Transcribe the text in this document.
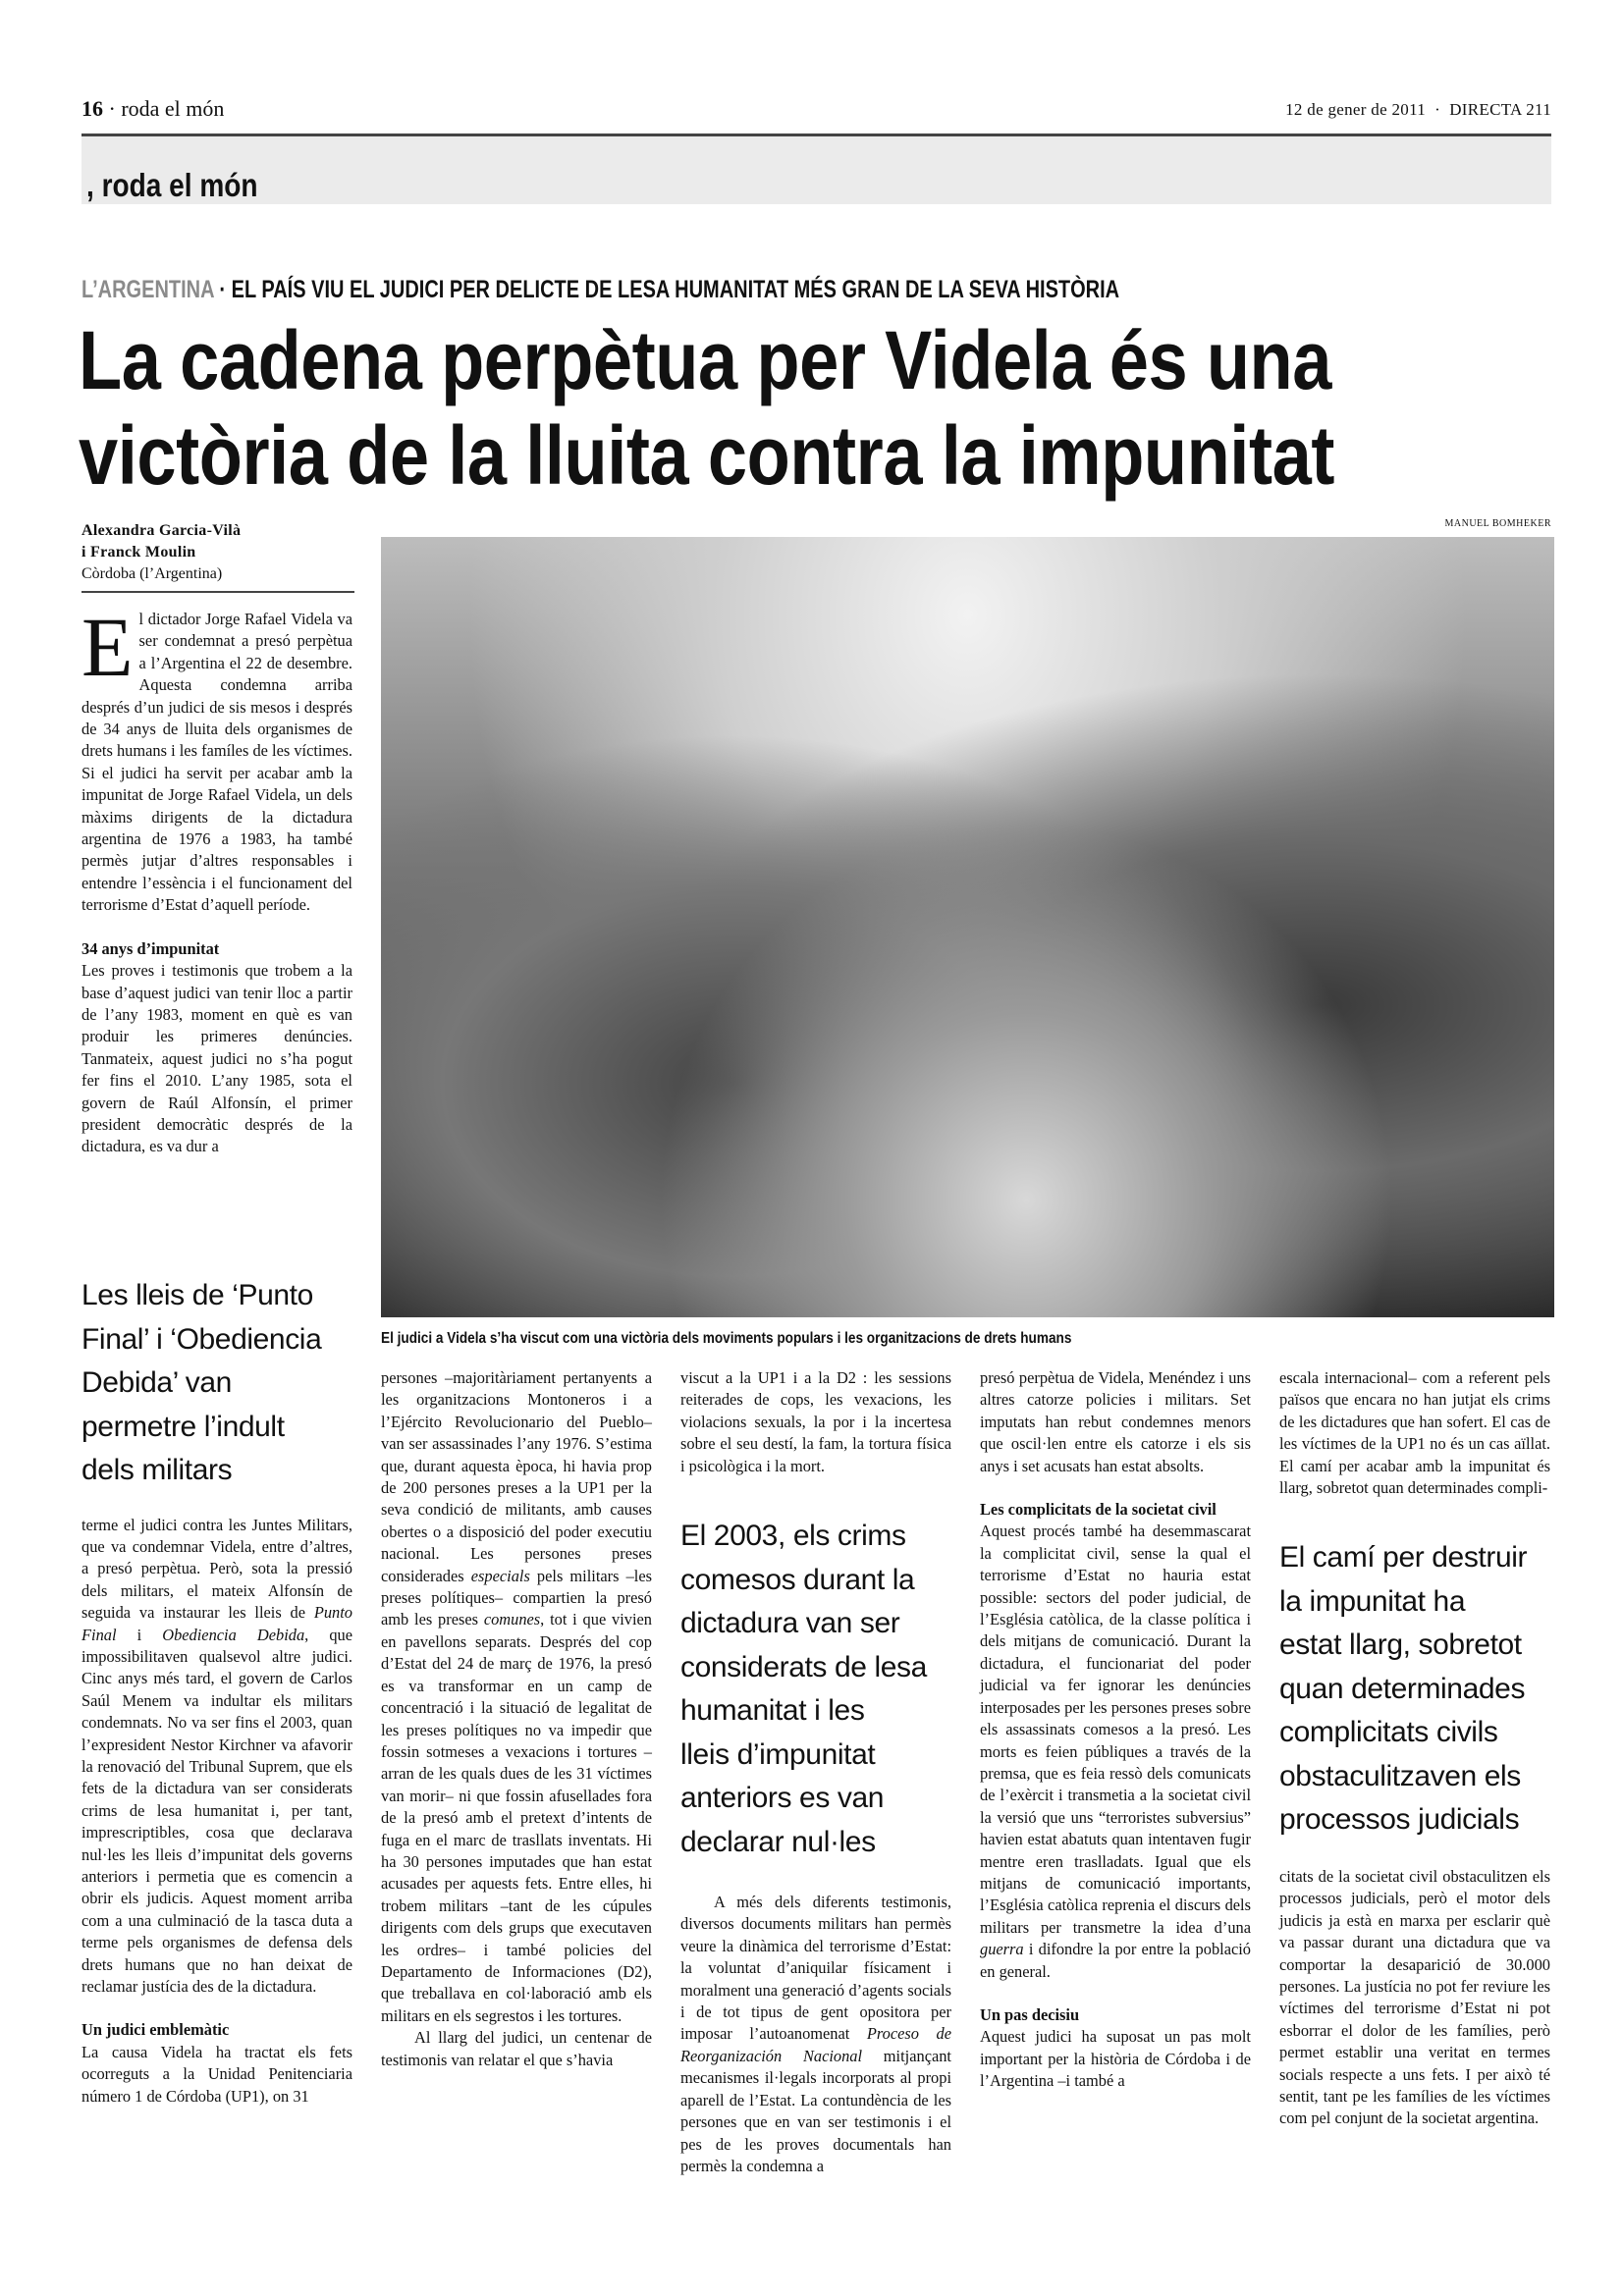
16 · roda el món	12 de gener de 2011  ·  DIRECTA 211
, roda el món
L’ARGENTINA · EL PAÍS VIU EL JUDICI PER DELICTE DE LESA HUMANITAT MÉS GRAN DE LA SEVA HISTÒRIA
La cadena perpètua per Videla és una
victòria de la lluita contra la impunitat
MANUEL BOMHEKER
El judici a Videla s’ha viscut com una victòria dels moviments populars i les organitzacions de drets humans
Alexandra Garcia-Vilà
i Franck Moulin
Còrdoba (l’Argentina)

El dictador Jorge Rafael Videla va ser condemnat a presó perpètua a l’Argentina el 22 de desembre. Aquesta condemna arriba després d’un judici de sis mesos i després de 34 anys de lluita dels organismes de drets humans i les famíles de les víctimes. Si el judici ha servit per acabar amb la impunitat de Jorge Rafael Videla, un dels màxims dirigents de la dictadura argentina de 1976 a 1983, ha també permès jutjar d’altres responsables i entendre l’essència i el funcionament del terrorisme d’Estat d’aquell període.

34 anys d’impunitat

Les proves i testimonis que trobem a la base d’aquest judici van tenir lloc a partir de l’any 1983, moment en què es van produir les primeres denúncies. Tanmateix, aquest judici no s’ha pogut fer fins el 2010. L’any 1985, sota el govern de Raúl Alfonsín, el primer president democràtic després de la dictadura, es va dur a

Les lleis de ‘Punto
Final’ i ‘Obediencia
Debida’ van
permetre l’indult
dels militars

terme el judici contra les Juntes Militars, que va condemnar Videla, entre d’altres, a presó perpètua. Però, sota la pressió dels militars, el mateix Alfonsín de seguida va instaurar les lleis de Punto Final i Obediencia Debida, que impossibilitaven qualsevol altre judici. Cinc anys més tard, el govern de Carlos Saúl Menem va indultar els militars condemnats. No va ser fins el 2003, quan l’expresident Nestor Kirchner va afavorir la renovació del Tribunal Suprem, que els fets de la dictadura van ser considerats crims de lesa humanitat i, per tant, imprescriptibles, cosa que declarava nul·les les lleis d’impunitat dels governs anteriors i permetia que es comencin a obrir els judicis. Aquest moment arriba com a una culminació de la tasca duta a terme pels organismes de defensa dels drets humans que no han deixat de reclamar justícia des de la dictadura.

Un judici emblemàtic

La causa Videla ha tractat els fets ocorreguts a la Unidad Penitenciaria número 1 de Córdoba (UP1), on 31

persones –majoritàriament pertanyents a les organitzacions Montoneros i a l’Ejército Revolucionario del Pueblo– van ser assassinades l’any 1976. S’estima que, durant aquesta època, hi havia prop de 200 persones preses a la UP1 per la seva condició de militants, amb causes obertes o a disposició del poder executiu nacional. Les persones preses considerades especials pels militars –les preses polítiques– compartien la presó amb les preses comunes, tot i que vivien en pavellons separats. Després del cop d’Estat del 24 de març de 1976, la presó es va transformar en un camp de concentració i la situació de legalitat de les preses polítiques no va impedir que fossin sotmeses a vexacions i tortures –arran de les quals dues de les 31 víctimes van morir– ni que fossin afusellades fora de la presó amb el pretext d’intents de fuga en el marc de trasllats inventats. Hi ha 30 persones imputades que han estat acusades per aquests fets. Entre elles, hi trobem militars –tant de les cúpules dirigents com dels grups que executaven les ordres– i també policies del Departamento de Informaciones (D2), que treballava en col·laboració amb els militars en els segrestos i les tortures.

Al llarg del judici, un centenar de testimonis van relatar el que s’havia

viscut a la UP1 i a la D2 : les sessions reiterades de cops, les vexacions, les violacions sexuals, la por i la incertesa sobre el seu destí, la fam, la tortura física i psicològica i la mort.

El 2003, els crims
comesos durant la
dictadura van ser
considerats de lesa
humanitat i les
lleis d’impunitat
anteriors es van
declarar nul·les

A més dels diferents testimonis, diversos documents militars han permès veure la dinàmica del terrorisme d’Estat: la voluntat d’aniquilar físicament i moralment una generació d’agents socials i de tot tipus de gent opositora per imposar l’autoanomenat Proceso de Reorganización Nacional mitjançant mecanismes il·legals incorporats al propi aparell de l’Estat. La contundència de les persones que en van ser testimonis i el pes de les proves documentals han permès la condemna a

presó perpètua de Videla, Menéndez i uns altres catorze policies i militars. Set imputats han rebut condemnes menors que oscil·len entre els catorze i els sis anys i set acusats han estat absolts.

Les complicitats de la societat civil

Aquest procés també ha desemmascarat la complicitat civil, sense la qual el terrorisme d’Estat no hauria estat possible: sectors del poder judicial, de l’Església catòlica, de la classe política i dels mitjans de comunicació. Durant la dictadura, el funcionariat del poder judicial va fer ignorar les denúncies interposades per les persones preses sobre els assassinats comesos a la presó. Les morts es feien públiques a través de la premsa, que es feia ressò dels comunicats de l’exèrcit i transmetia a la societat civil la versió que uns “terroristes subversius” havien estat abatuts quan intentaven fugir mentre eren traslladats. Igual que els mitjans de comunicació importants, l’Església catòlica reprenia el discurs dels militars per transmetre la idea d’una guerra i difondre la por entre la població en general.

Un pas decisiu

Aquest judici ha suposat un pas molt important per la història de Córdoba i de l’Argentina –i també a

escala internacional– com a referent pels països que encara no han jutjat els crims de les dictadures que han sofert. El cas de les víctimes de la UP1 no és un cas aïllat. El camí per acabar amb la impunitat és llarg, sobretot quan determinades compli-

El camí per destruir
la impunitat ha
estat llarg, sobretot
quan determinades
complicitats civils
obstaculitzaven els
processos judicials

citats de la societat civil obstaculitzen els processos judicials, però el motor dels judicis ja està en marxa per esclarir què va passar durant una dictadura que va comportar la desaparició de 30.000 persones. La justícia no pot fer reviure les víctimes del terrorisme d’Estat ni pot esborrar el dolor de les famílies, però permet establir una veritat en termes socials respecte a uns fets. I per això té sentit, tant pe les famílies de les víctimes com pel conjunt de la societat argentina.
